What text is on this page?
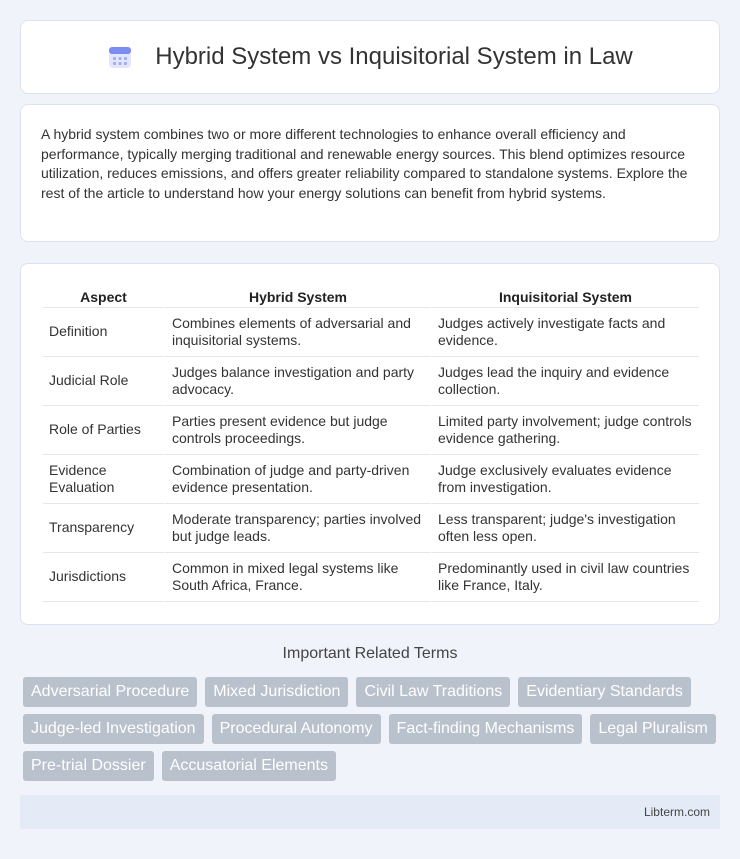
Hybrid System vs Inquisitorial System in Law

A hybrid system combines two or more different technologies to enhance overall efficiency and performance, typically merging traditional and renewable energy sources. This blend optimizes resource utilization, reduces emissions, and offers greater reliability compared to standalone systems. Explore the rest of the article to understand how your energy solutions can benefit from hybrid systems.

Aspect	Hybrid System	Inquisitorial System
Definition	Combines elements of adversarial and inquisitorial systems.	Judges actively investigate facts and evidence.
Judicial Role	Judges balance investigation and party advocacy.	Judges lead the inquiry and evidence collection.
Role of Parties	Parties present evidence but judge controls proceedings.	Limited party involvement; judge controls evidence gathering.
Evidence Evaluation	Combination of judge and party-driven evidence presentation.	Judge exclusively evaluates evidence from investigation.
Transparency	Moderate transparency; parties involved but judge leads.	Less transparent; judge's investigation often less open.
Jurisdictions	Common in mixed legal systems like South Africa, France.	Predominantly used in civil law countries like France, Italy.
Important Related Terms
Adversarial Procedure	Mixed Jurisdiction	Civil Law Traditions	Evidentiary Standards
Judge-led Investigation	Procedural Autonomy	Fact-finding Mechanisms	Legal Pluralism
Pre-trial Dossier	Accusatorial Elements
Libterm.com
